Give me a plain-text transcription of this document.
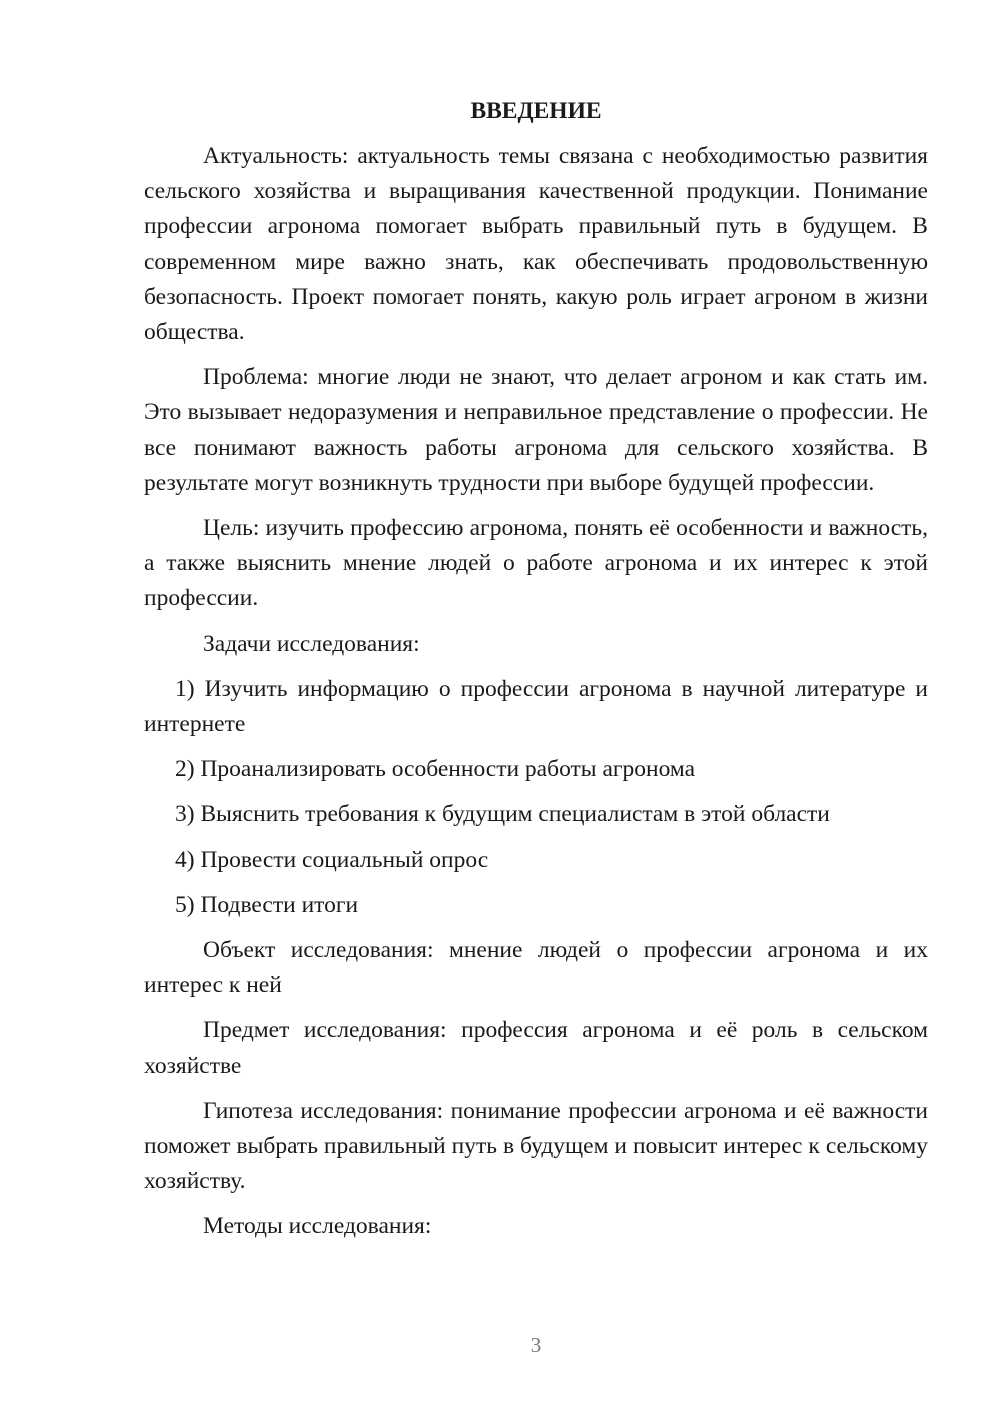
ВВЕДЕНИЕ

Актуальность: актуальность темы связана с необходимостью развития сельского хозяйства и выращивания качественной продукции. Понимание профессии агронома помогает выбрать правильный путь в будущем. В современном мире важно знать, как обеспечивать продовольственную безопасность. Проект помогает понять, какую роль играет агроном в жизни общества.

Проблема: многие люди не знают, что делает агроном и как стать им. Это вызывает недоразумения и неправильное представление о профессии. Не все понимают важность работы агронома для сельского хозяйства. В результате могут возникнуть трудности при выборе будущей профессии.

Цель: изучить профессию агронома, понять её особенности и важность, а также выяснить мнение людей о работе агронома и их интерес к этой профессии.

Задачи исследования:

1) Изучить информацию о профессии агронома в научной литературе и интернете

2) Проанализировать особенности работы агронома

3) Выяснить требования к будущим специалистам в этой области

4) Провести социальный опрос

5) Подвести итоги

Объект исследования: мнение людей о профессии агронома и их интерес к ней

Предмет исследования: профессия агронома и её роль в сельском хозяйстве

Гипотеза исследования: понимание профессии агронома и её важности поможет выбрать правильный путь в будущем и повысит интерес к сельскому хозяйству.

Методы исследования:

3
